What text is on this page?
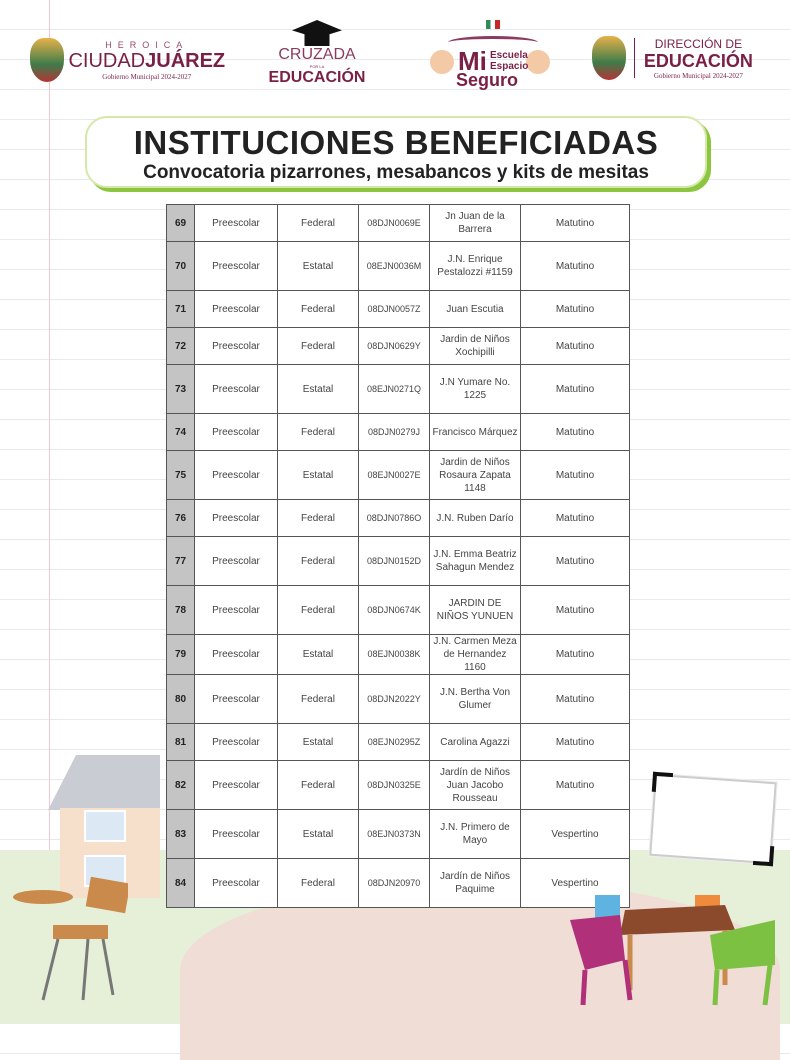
HEROICA
CIUDADJUÁREZ
Gobierno Municipal 2024-2027
CRUZADA
POR LA
EDUCACIÓN
Mi Escuela
Espacio
Seguro

DIRECCIÓN DE
EDUCACIÓN
Gobierno Municipal 2024-2027
INSTITUCIONES BENEFICIADAS
Convocatoria pizarrones, mesabancos y kits de mesitas
69	Preescolar	Federal	08DJN0069E	Jn Juan de la Barrera	Matutino
70	Preescolar	Estatal	08EJN0036M	J.N. Enrique Pestalozzi #1159	Matutino
71	Preescolar	Federal	08DJN0057Z	Juan Escutia	Matutino
72	Preescolar	Federal	08DJN0629Y	Jardin de Niños Xochipilli	Matutino
73	Preescolar	Estatal	08EJN0271Q	J.N Yumare No. 1225	Matutino
74	Preescolar	Federal	08DJN0279J	Francisco Márquez	Matutino
75	Preescolar	Estatal	08EJN0027E	Jardin de Niños Rosaura Zapata 1148	Matutino
76	Preescolar	Federal	08DJN0786O	J.N. Ruben Darío	Matutino
77	Preescolar	Federal	08DJN0152D	J.N. Emma Beatriz Sahagun Mendez	Matutino
78	Preescolar	Federal	08DJN0674K	JARDIN DE NIÑOS YUNUEN	Matutino
79	Preescolar	Estatal	08EJN0038K	J.N. Carmen Meza de Hernandez 1160	Matutino
80	Preescolar	Federal	08DJN2022Y	J.N. Bertha Von Glumer	Matutino
81	Preescolar	Estatal	08EJN0295Z	Carolina Agazzi	Matutino
82	Preescolar	Federal	08DJN0325E	Jardín de Niños Juan Jacobo Rousseau	Matutino
83	Preescolar	Estatal	08EJN0373N	J.N. Primero de Mayo	Vespertino
84	Preescolar	Federal	08DJN20970	Jardín de Niños Paquime	Vespertino
